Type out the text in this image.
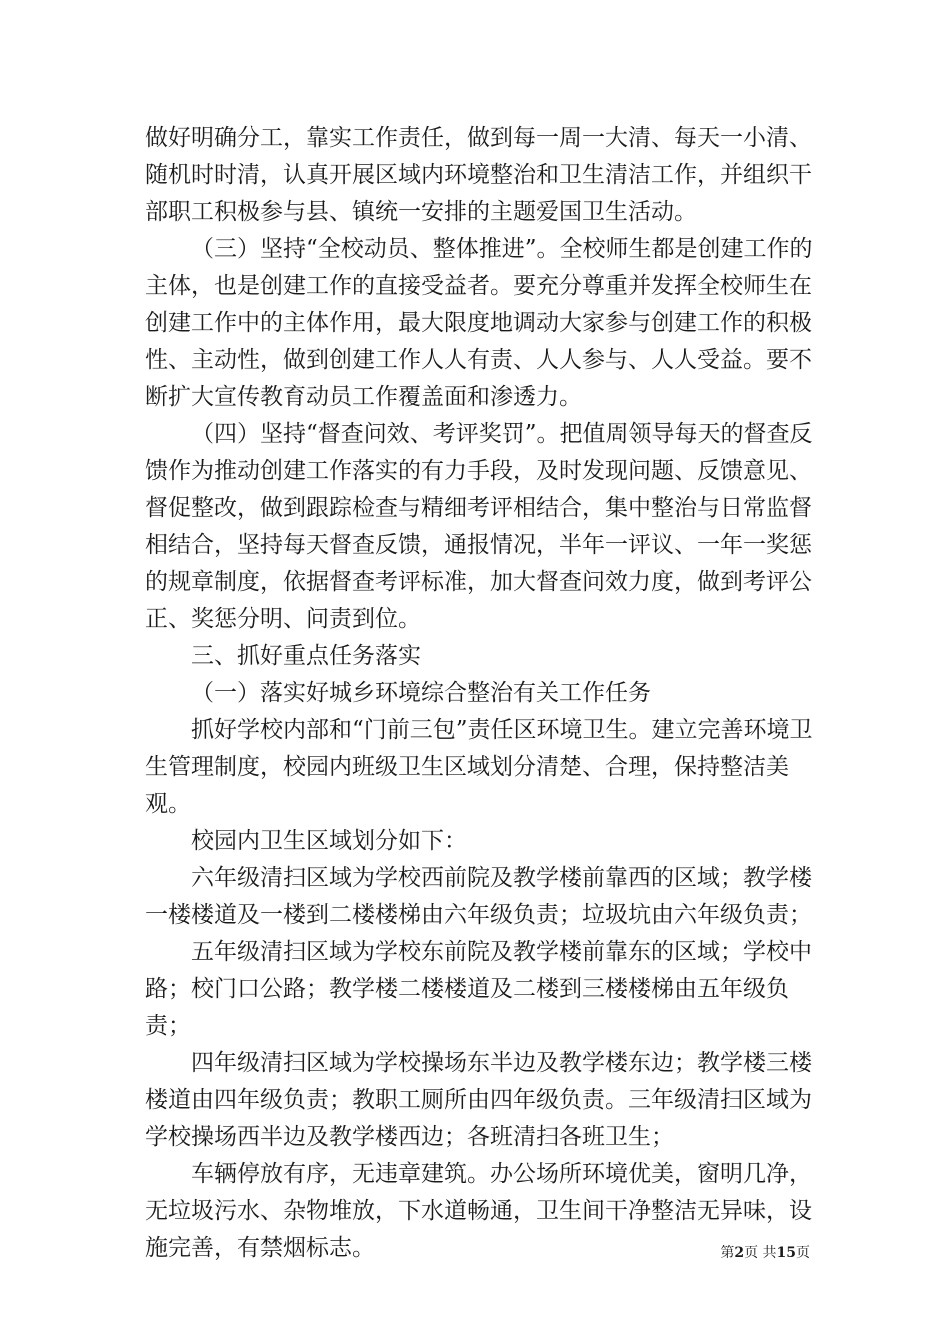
做好明确分工，靠实工作责任，做到每一周一大清、每天一小清、随机时时清，认真开展区域内环境整治和卫生清洁工作，并组织干部职工积极参与县、镇统一安排的主题爱国卫生活动。

（三）坚持“全校动员、整体推进”。全校师生都是创建工作的主体，也是创建工作的直接受益者。要充分尊重并发挥全校师生在创建工作中的主体作用，最大限度地调动大家参与创建工作的积极性、主动性，做到创建工作人人有责、人人参与、人人受益。要不断扩大宣传教育动员工作覆盖面和渗透力。

（四）坚持“督查问效、考评奖罚”。把值周领导每天的督查反馈作为推动创建工作落实的有力手段，及时发现问题、反馈意见、督促整改，做到跟踪检查与精细考评相结合，集中整治与日常监督相结合，坚持每天督查反馈，通报情况，半年一评议、一年一奖惩的规章制度，依据督查考评标准，加大督查问效力度，做到考评公正、奖惩分明、问责到位。

三、抓好重点任务落实

（一）落实好城乡环境综合整治有关工作任务

抓好学校内部和“门前三包”责任区环境卫生。建立完善环境卫生管理制度，校园内班级卫生区域划分清楚、合理，保持整洁美观。

校园内卫生区域划分如下：

六年级清扫区域为学校西前院及教学楼前靠西的区域；教学楼一楼楼道及一楼到二楼楼梯由六年级负责；垃圾坑由六年级负责；

五年级清扫区域为学校东前院及教学楼前靠东的区域；学校中路；校门口公路；教学楼二楼楼道及二楼到三楼楼梯由五年级负责；

四年级清扫区域为学校操场东半边及教学楼东边；教学楼三楼楼道由四年级负责；教职工厕所由四年级负责。三年级清扫区域为学校操场西半边及教学楼西边；各班清扫各班卫生；

车辆停放有序，无违章建筑。办公场所环境优美，窗明几净，无垃圾污水、杂物堆放，下水道畅通，卫生间干净整洁无异味，设施完善，有禁烟标志。	第2页 共15页
